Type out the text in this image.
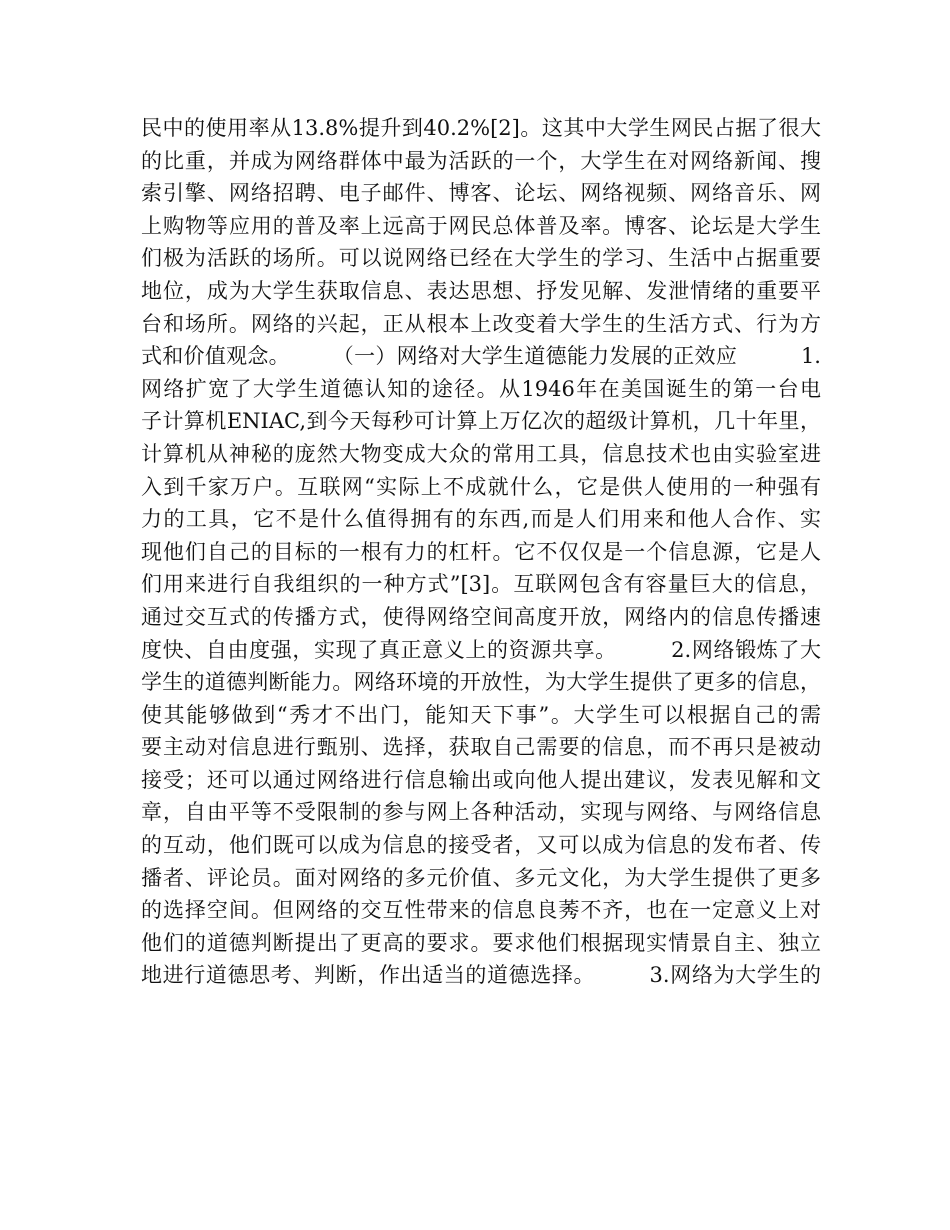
民中的使用率从13.8%提升到40.2%[2]。这其中大学生网民占据了很大
的比重，并成为网络群体中最为活跃的一个，大学生在对网络新闻、搜
索引擎、网络招聘、电子邮件、博客、论坛、网络视频、网络音乐、网
上购物等应用的普及率上远高于网民总体普及率。博客、论坛是大学生
们极为活跃的场所。可以说网络已经在大学生的学习、生活中占据重要
地位，成为大学生获取信息、表达思想、抒发见解、发泄情绪的重要平
台和场所。网络的兴起，正从根本上改变着大学生的生活方式、行为方
式和价值观念。　　　（一）网络对大学生道德能力发展的正效应　　　1.
网络扩宽了大学生道德认知的途径。从1946年在美国诞生的第一台电
子计算机ENIAC,到今天每秒可计算上万亿次的超级计算机，几十年里，
计算机从神秘的庞然大物变成大众的常用工具，信息技术也由实验室进
入到千家万户。互联网“实际上不成就什么，它是供人使用的一种强有
力的工具，它不是什么值得拥有的东西,而是人们用来和他人合作、实
现他们自己的目标的一根有力的杠杆。它不仅仅是一个信息源，它是人
们用来进行自我组织的一种方式”[3]。互联网包含有容量巨大的信息，
通过交互式的传播方式，使得网络空间高度开放，网络内的信息传播速
度快、自由度强，实现了真正意义上的资源共享。　　　2.网络锻炼了大
学生的道德判断能力。网络环境的开放性，为大学生提供了更多的信息，
使其能够做到“秀才不出门，能知天下事”。大学生可以根据自己的需
要主动对信息进行甄别、选择，获取自己需要的信息，而不再只是被动
接受；还可以通过网络进行信息输出或向他人提出建议，发表见解和文
章，自由平等不受限制的参与网上各种活动，实现与网络、与网络信息
的互动，他们既可以成为信息的接受者，又可以成为信息的发布者、传
播者、评论员。面对网络的多元价值、多元文化，为大学生提供了更多
的选择空间。但网络的交互性带来的信息良莠不齐，也在一定意义上对
他们的道德判断提出了更高的要求。要求他们根据现实情景自主、独立
地进行道德思考、判断，作出适当的道德选择。　　　3.网络为大学生的
